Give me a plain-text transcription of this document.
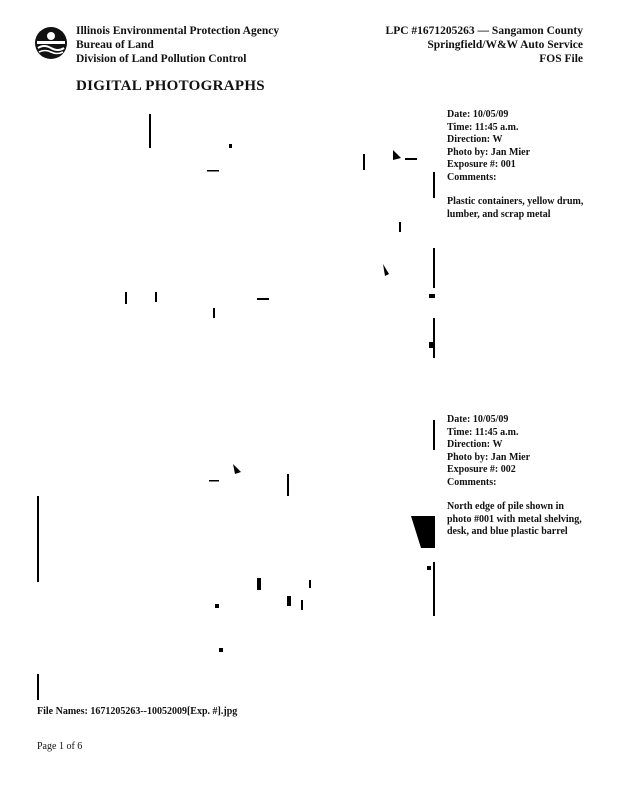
Illinois Environmental Protection Agency
Bureau of Land
Division of Land Pollution Control
LPC #1671205263 — Sangamon County
Springfield/W&W Auto Service
FOS File
DIGITAL PHOTOGRAPHS
Date: 10/05/09
Time: 11:45 a.m.
Direction: W
Photo by: Jan Mier
Exposure #: 001
Comments:
Plastic containers, yellow drum, lumber, and scrap metal
Date: 10/05/09
Time: 11:45 a.m.
Direction: W
Photo by: Jan Mier
Exposure #: 002
Comments:
North edge of pile shown in photo #001 with metal shelving, desk, and blue plastic barrel
File Names: 1671205263--10052009[Exp. #].jpg
Page 1 of 6
